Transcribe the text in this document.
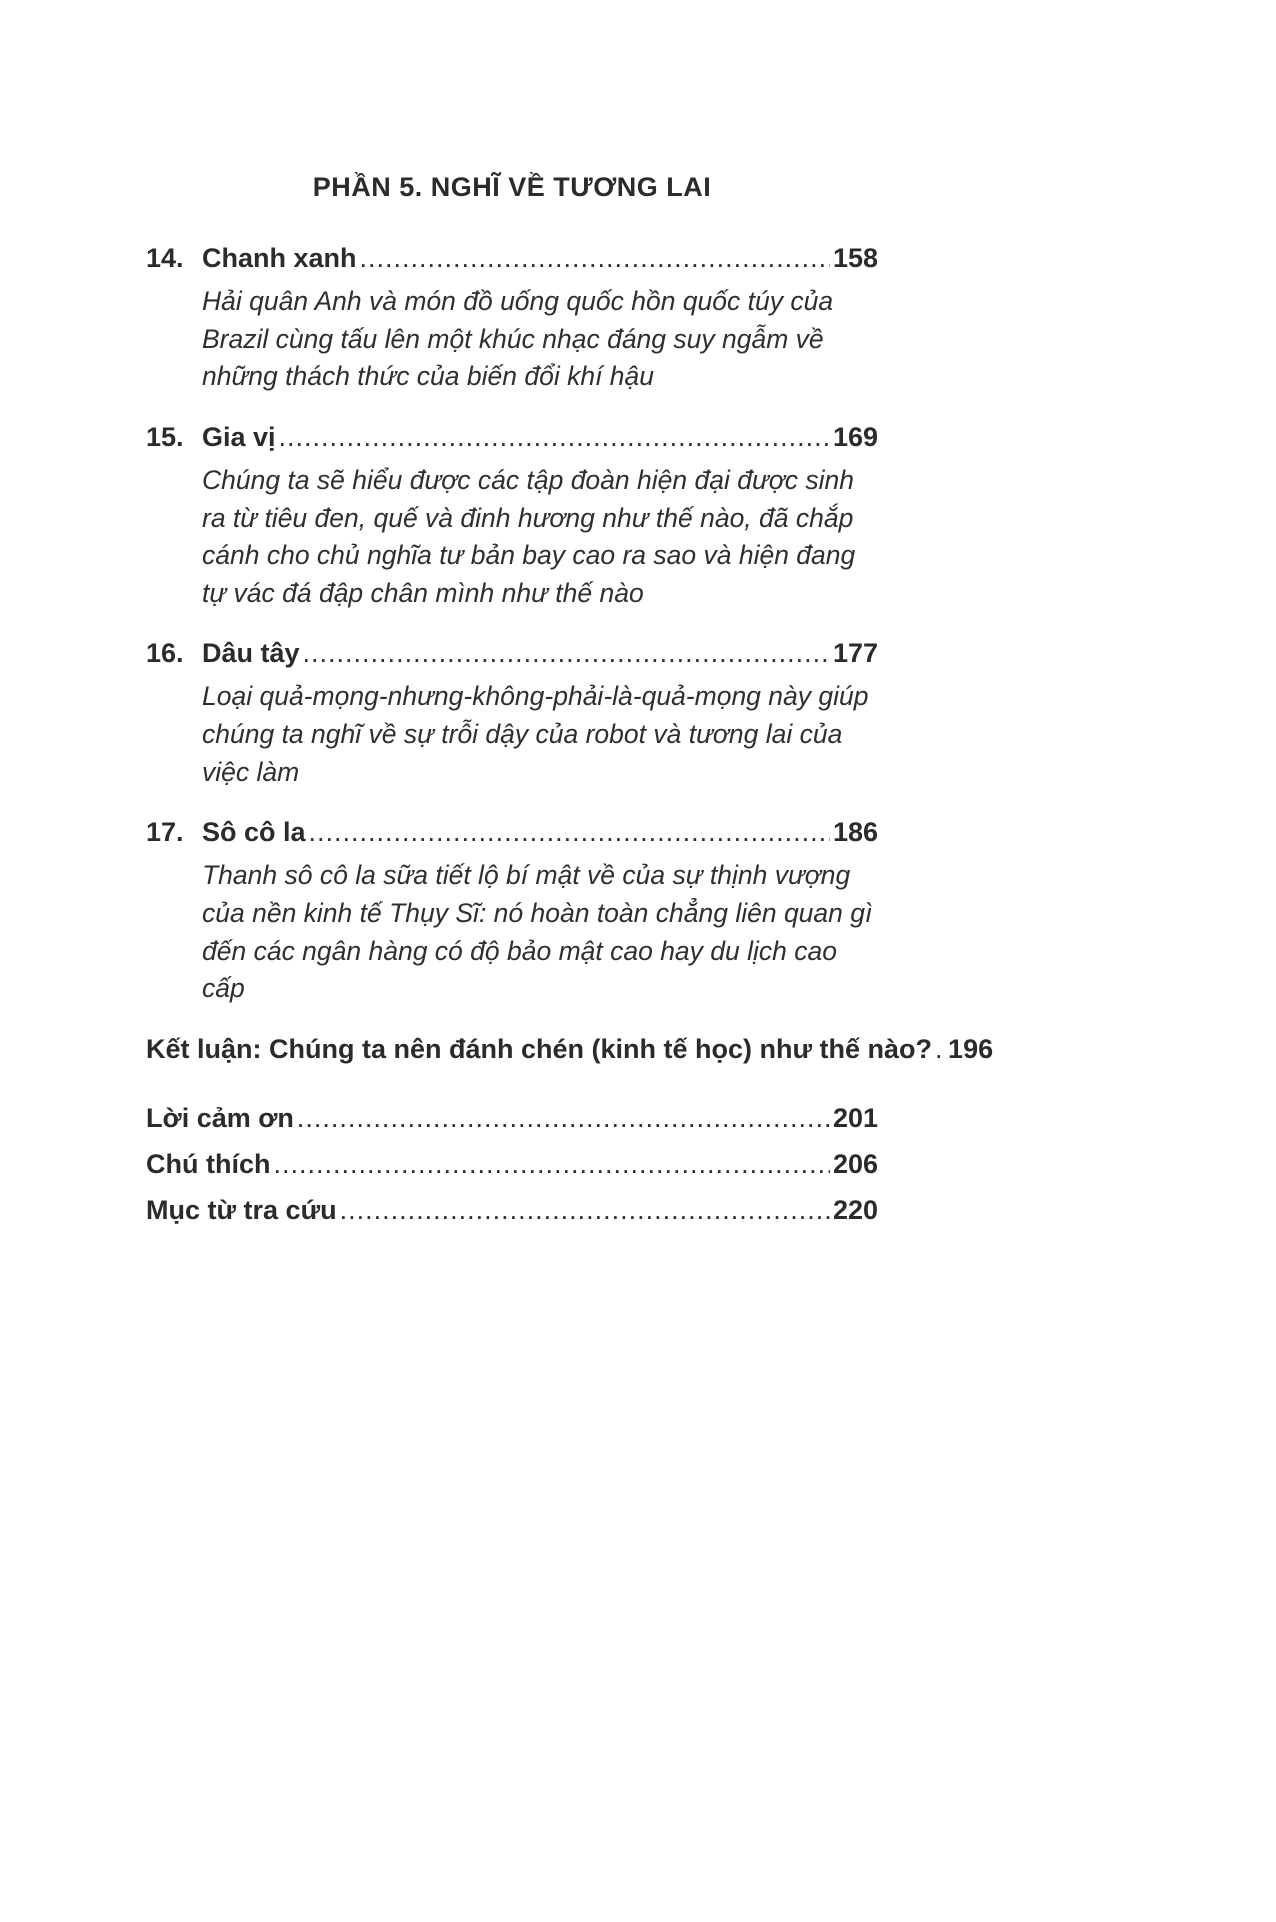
PHẦN 5. NGHĨ VỀ TƯƠNG LAI
14. Chanh xanh .....	158

Hải quân Anh và món đồ uống quốc hồn quốc túy của Brazil cùng tấu lên một khúc nhạc đáng suy ngẫm về những thách thức của biến đổi khí hậu

15. Gia vị .....	169

Chúng ta sẽ hiểu được các tập đoàn hiện đại được sinh ra từ tiêu đen, quế và đinh hương như thế nào, đã chắp cánh cho chủ nghĩa tư bản bay cao ra sao và hiện đang tự vác đá đập chân mình như thế nào

16. Dâu tây .....	177

Loại quả-mọng-nhưng-không-phải-là-quả-mọng này giúp chúng ta nghĩ về sự trỗi dậy của robot và tương lai của việc làm

17. Sô cô la .....	186

Thanh sô cô la sữa tiết lộ bí mật về của sự thịnh vượng của nền kinh tế Thụy Sĩ: nó hoàn toàn chẳng liên quan gì đến các ngân hàng có độ bảo mật cao hay du lịch cao cấp

Kết luận: Chúng ta nên đánh chén (kinh tế học) như thế nào? ..... 196
Lời cảm ơn .....	201
Chú thích .....	206
Mục từ tra cứu .....	220
